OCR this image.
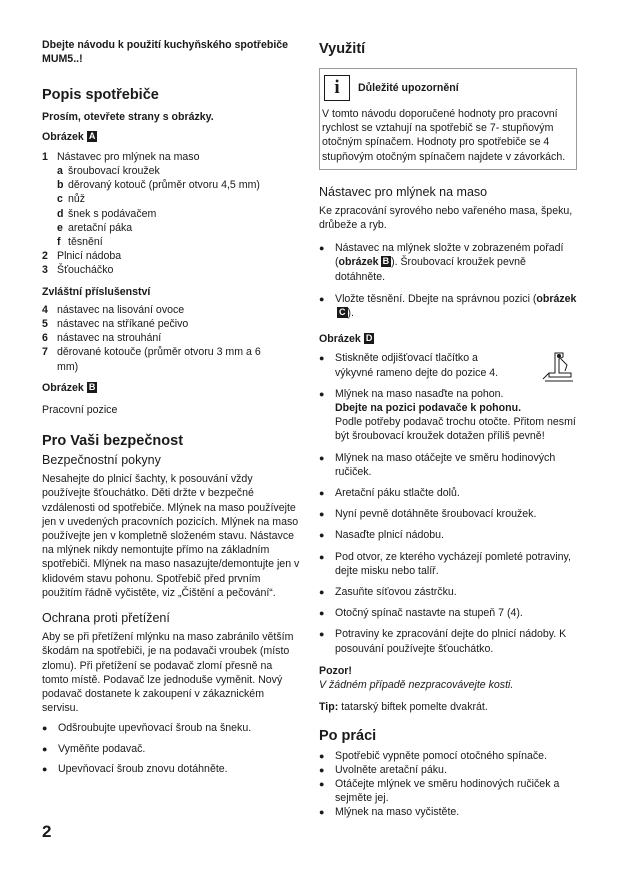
Dbejte návodu k použití kuchyňského spotřebiče MUM5..!

Popis spotřebiče

Prosím, otevřete strany s obrázky.

Obrázek A

1 Nástavec pro mlýnek na maso
a šroubovací kroužek
b děrovaný kotouč (průměr otvoru 4,5 mm)
c nůž
d šnek s podávačem
e aretační páka
f těsnění
2 Plnicí nádoba
3 Šťoucháčko

Zvláštní příslušenství

4 nástavec na lisování ovoce
5 nástavec na stříkané pečivo
6 nástavec na strouhání
7 děrované kotouče (průměr otvoru 3 mm a 6 mm)

Obrázek B

Pracovní pozice

Pro Vaši bezpečnost

Bezpečnostní pokyny

Nesahejte do plnicí šachty, k posouvání vždy používejte šťouchátko. Děti držte v bezpečné vzdálenosti od spotřebiče. Mlýnek na maso používejte jen v uvedených pracovních pozicích. Mlýnek na maso používejte jen v kompletně složeném stavu. Nástavce na mlýnek nikdy nemontujte přímo na základním spotřebiči. Mlýnek na maso nasazujte/demontujte jen v klidovém stavu pohonu. Spotřebič před prvním použitím řádně vyčistěte, viz „Čištění a pečování“.

Ochrana proti přetížení

Aby se při přetížení mlýnku na maso zabránilo větším škodám na spotřebiči, je na podavači vroubek (místo zlomu). Při přetížení se podavač zlomí přesně na tomto místě. Podavač lze jednoduše vyměnit. Nový podavač dostanete k zakoupení v zákaznickém servisu.

● Odšroubujte upevňovací šroub na šneku.
● Vyměňte podavač.
● Upevňovací šroub znovu dotáhněte.
2

Využití

i	Důležité upozornění

V tomto návodu doporučené hodnoty pro pracovní rychlost se vztahují na spotřebič se 7- stupňovým otočným spínačem. Hodnoty pro spotřebiče se 4 stupňovým otočným spínačem najdete v závorkách.

Nástavec pro mlýnek na maso

Ke zpracování syrového nebo vařeného masa, špeku, drůbeže a ryb.

● Nástavec na mlýnek složte v zobrazeném pořadí (obrázek B ). Šroubovací kroužek pevně dotáhněte.
● Vložte těsnění. Dbejte na správnou pozici (obrázekC ).

Obrázek D

● Stiskněte odjišťovací tlačítko a výkyvné rameno dejte do pozice 4.
● Mlýnek na maso nasaďte na pohon.
Dbejte na pozici podavače k pohonu.
Podle potřeby podavač trochu otočte. Přitom nesmí být šroubovací kroužek dotažen příliš pevně!
● Mlýnek na maso otáčejte ve směru hodinových ručiček.
● Aretační páku stlačte dolů.
● Nyní pevně dotáhněte šroubovací kroužek.
● Nasaďte plnicí nádobu.
● Pod otvor, ze kterého vycházejí pomleté potraviny, dejte misku nebo talíř.
● Zasuňte síťovou zástrčku.
● Otočný spínač nastavte na stupeň 7 (4).
● Potraviny ke zpracování dejte do plnicí nádoby. K posouvání používejte šťouchátko.

Pozor!

V žádném případě nezpracovávejte kosti.

Tip: tatarský biftek pomelte dvakrát.

Po práci

● Spotřebič vypněte pomocí otočného spínače.
● Uvolněte aretační páku.
● Otáčejte mlýnek ve směru hodinových ručiček a sejměte jej.
● Mlýnek na maso vyčistěte.
